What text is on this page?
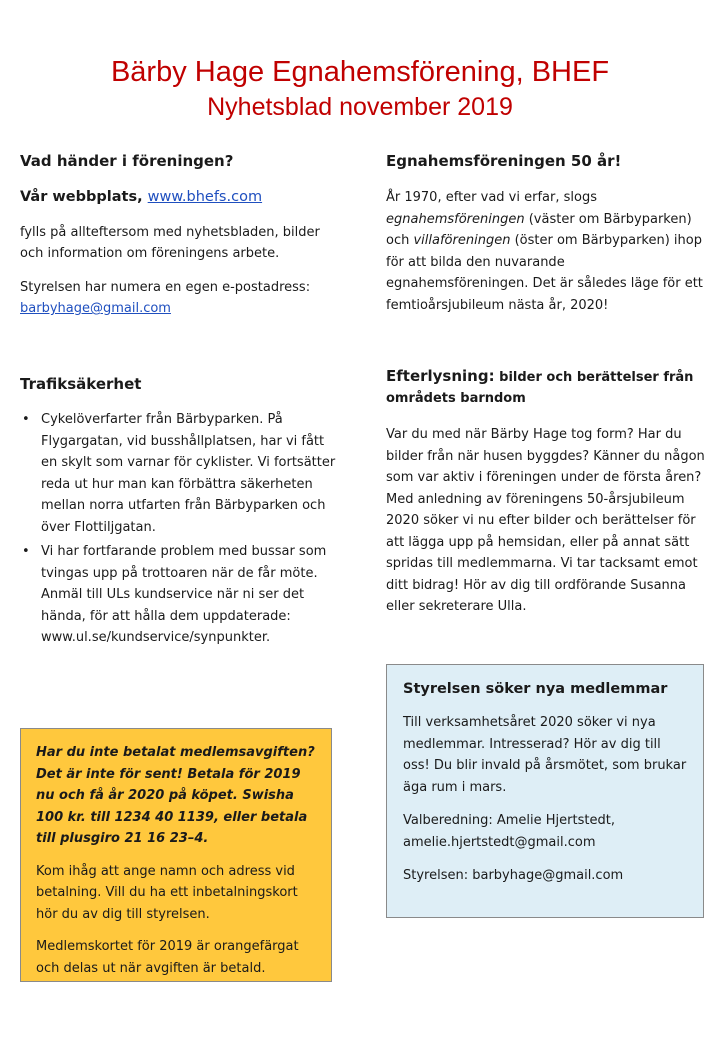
Bärby Hage Egnahemsförening, BHEF
Nyhetsblad november 2019
Vad händer i föreningen?

Vår webbplats, www.bhefs.com

fylls på allteftersom med nyhetsbladen, bilder och information om föreningens arbete.

Styrelsen har numera en egen e-postadress:

barbyhage@gmail.com

Trafiksäkerhet
• Cykelöverfarter från Bärbyparken. På Flygargatan, vid busshållplatsen, har vi fått en skylt som varnar för cyklister. Vi fortsätter reda ut hur man kan förbättra säkerheten mellan norra utfarten från Bärbyparken och över Flottiljgatan.
• Vi har fortfarande problem med bussar som tvingas upp på trottoaren när de får möte. Anmäl till ULs kundservice när ni ser det hända, för att hålla dem uppdaterade: www.ul.se/kundservice/synpunkter.

Har du inte betalat medlemsavgiften? Det är inte för sent! Betala för 2019 nu och få år 2020 på köpet. Swisha 100 kr. till 1234 40 1139, eller betala till plusgiro 21 16 23–4.

Kom ihåg att ange namn och adress vid betalning. Vill du ha ett inbetalningskort hör du av dig till styrelsen.

Medlemskortet för 2019 är orangefärgat och delas ut när avgiften är betald.

Egnahemsföreningen 50 år!

År 1970, efter vad vi erfar, slogs egnahemsföreningen (väster om Bärbyparken) och villaföreningen (öster om Bärbyparken) ihop för att bilda den nuvarande egnahemsföreningen. Det är således läge för ett femtioårsjubileum nästa år, 2020!

Efterlysning: bilder och berättelser från områdets barndom

Var du med när Bärby Hage tog form? Har du bilder från när husen byggdes? Känner du någon som var aktiv i föreningen under de första åren? Med anledning av föreningens 50-årsjubileum 2020 söker vi nu efter bilder och berättelser för att lägga upp på hemsidan, eller på annat sätt spridas till medlemmarna. Vi tar tacksamt emot ditt bidrag! Hör av dig till ordförande Susanna eller sekreterare Ulla.

Styrelsen söker nya medlemmar

Till verksamhetsåret 2020 söker vi nya medlemmar. Intresserad? Hör av dig till oss! Du blir invald på årsmötet, som brukar äga rum i mars.

Valberedning: Amelie Hjertstedt,

amelie.hjertstedt@gmail.com

Styrelsen: barbyhage@gmail.com
